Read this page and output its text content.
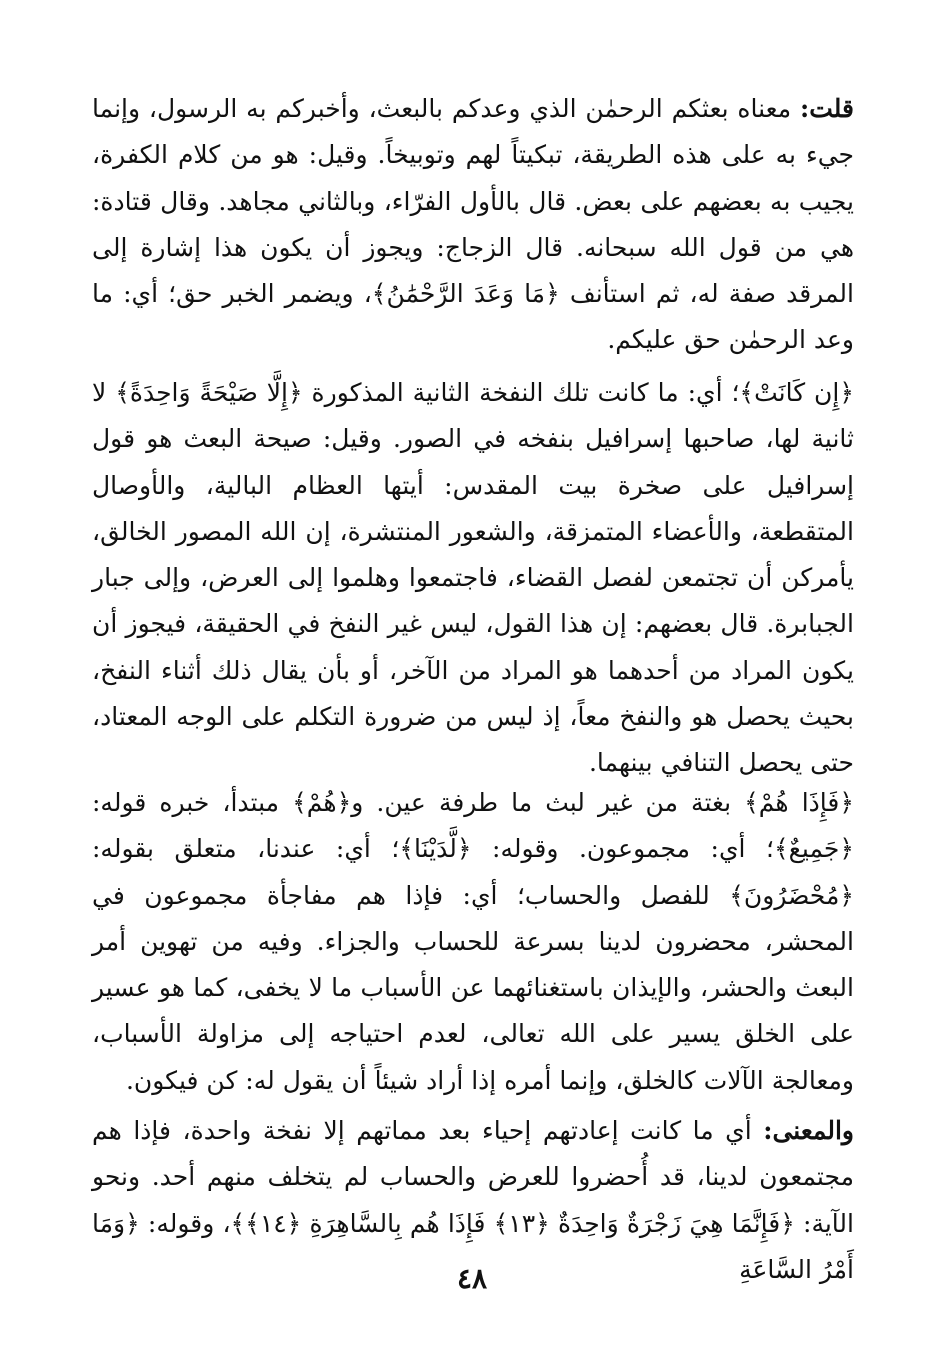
قلت: معناه بعثكم الرحمٰن الذي وعدكم بالبعث، وأخبركم به الرسول، وإنما جيء به على هذه الطريقة، تبكيتاً لهم وتوبيخاً. وقيل: هو من كلام الكفرة، يجيب به بعضهم على بعض. قال بالأول الفرّاء، وبالثاني مجاهد. وقال قتادة: هي من قول الله سبحانه. قال الزجاج: ويجوز أن يكون هذا إشارة إلى المرقد صفة له، ثم استأنف ﴿مَا وَعَدَ الرَّحْمَٰنُ﴾، ويضمر الخبر حق؛ أي: ما وعد الرحمٰن حق عليكم.

﴿إِن كَانَتْ﴾؛ أي: ما كانت تلك النفخة الثانية المذكورة ﴿إِلَّا صَيْحَةً وَاحِدَةً﴾ لا ثانية لها، صاحبها إسرافيل بنفخه في الصور. وقيل: صيحة البعث هو قول إسرافيل على صخرة بيت المقدس: أيتها العظام البالية، والأوصال المتقطعة، والأعضاء المتمزقة، والشعور المنتشرة، إن الله المصور الخالق، يأمركن أن تجتمعن لفصل القضاء، فاجتمعوا وهلموا إلى العرض، وإلى جبار الجبابرة. قال بعضهم: إن هذا القول، ليس غير النفخ في الحقيقة، فيجوز أن يكون المراد من أحدهما هو المراد من الآخر، أو بأن يقال ذلك أثناء النفخ، بحيث يحصل هو والنفخ معاً، إذ ليس من ضرورة التكلم على الوجه المعتاد، حتى يحصل التنافي بينهما.

﴿فَإِذَا هُمْ﴾ بغتة من غير لبث ما طرفة عين. و﴿هُمْ﴾ مبتدأ، خبره قوله: ﴿جَمِيعٌ﴾؛ أي: مجموعون. وقوله: ﴿لَّدَيْنَا﴾؛ أي: عندنا، متعلق بقوله: ﴿مُحْضَرُونَ﴾ للفصل والحساب؛ أي: فإذا هم مفاجأة مجموعون في المحشر، محضرون لدينا بسرعة للحساب والجزاء. وفيه من تهوين أمر البعث والحشر، والإيذان باستغنائهما عن الأسباب ما لا يخفى، كما هو عسير على الخلق يسير على الله تعالى، لعدم احتياجه إلى مزاولة الأسباب، ومعالجة الآلات كالخلق، وإنما أمره إذا أراد شيئاً أن يقول له: كن فيكون.

والمعنى: أي ما كانت إعادتهم إحياء بعد مماتهم إلا نفخة واحدة، فإذا هم مجتمعون لدينا، قد أُحضروا للعرض والحساب لم يتخلف منهم أحد. ونحو الآية: ﴿فَإِنَّمَا هِيَ زَجْرَةٌ وَاحِدَةٌ ﴿١٣﴾ فَإِذَا هُم بِالسَّاهِرَةِ ﴿١٤﴾﴾، وقوله: ﴿وَمَا أَمْرُ السَّاعَةِ

٤٨
